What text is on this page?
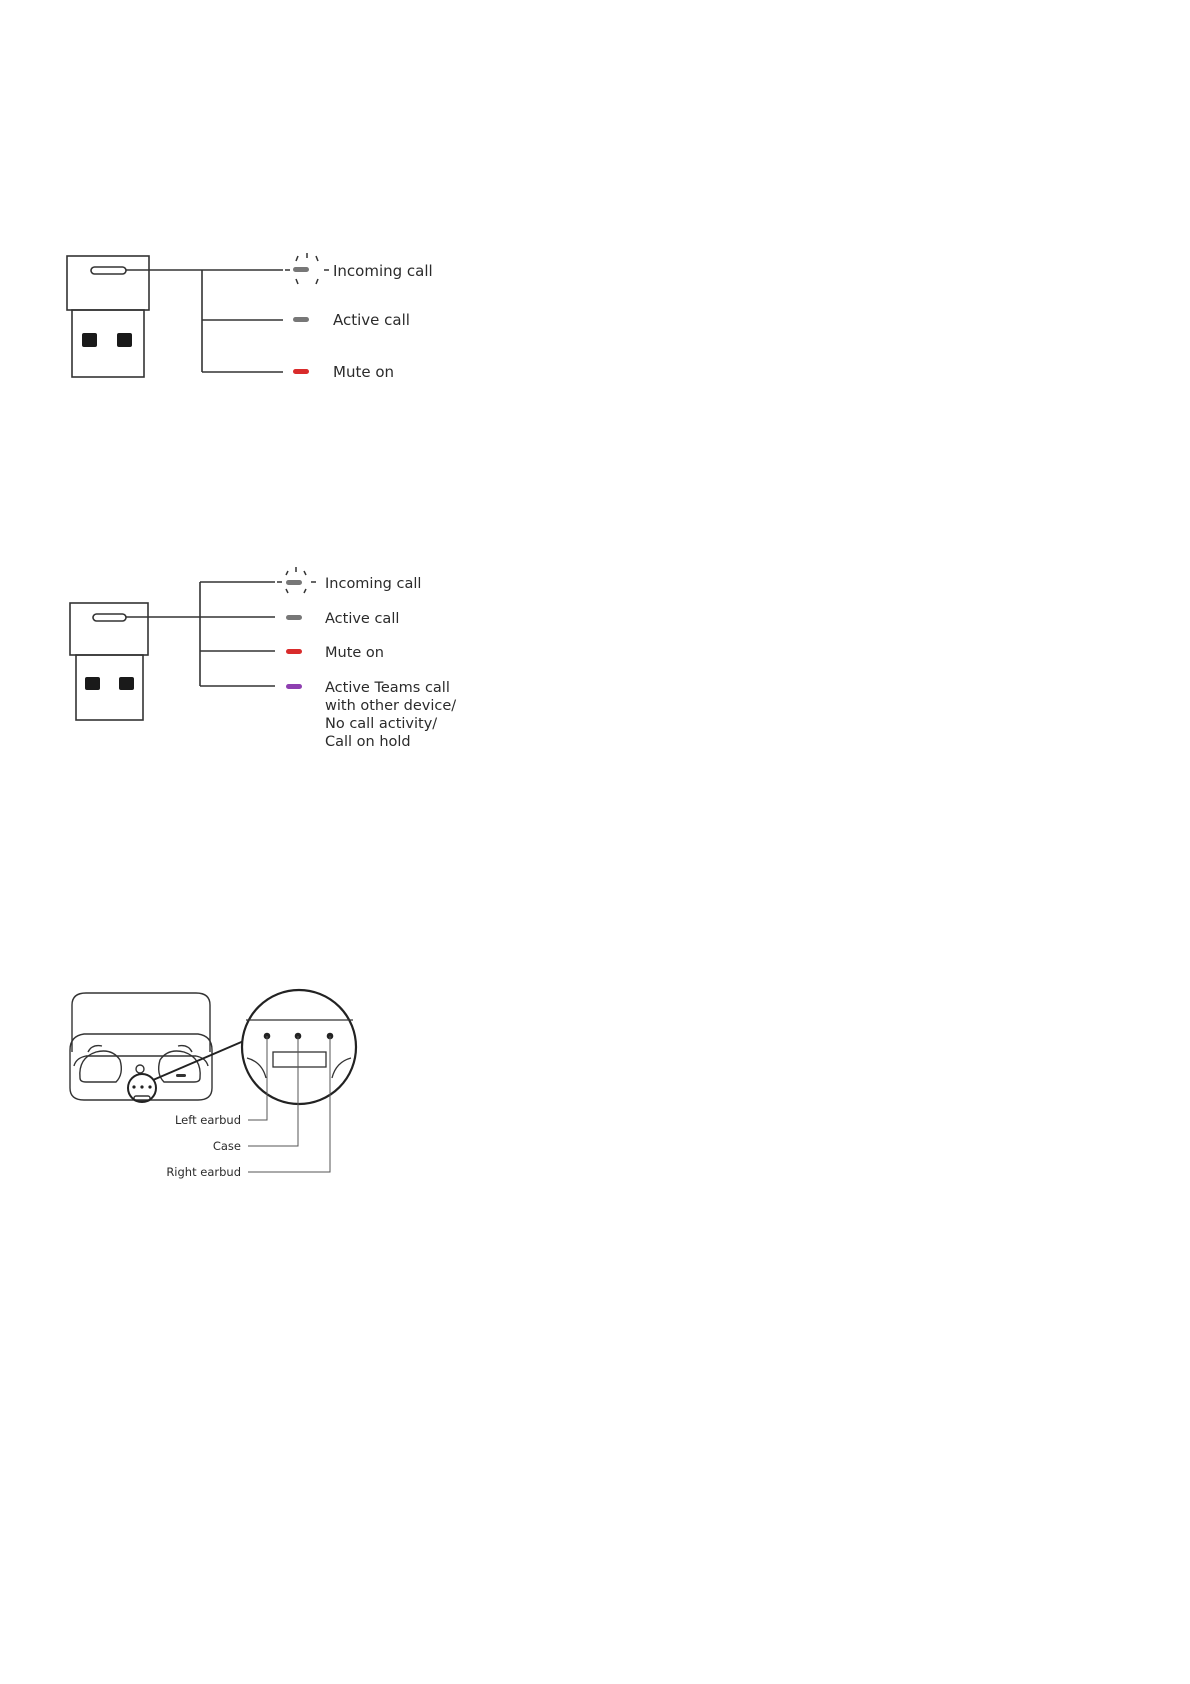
Incoming call
Active call
Mute on
Incoming call
Active call
Mute on
Active Teams call
with other device/
No call activity/
Call on hold
Left earbud
Case
Right earbud
